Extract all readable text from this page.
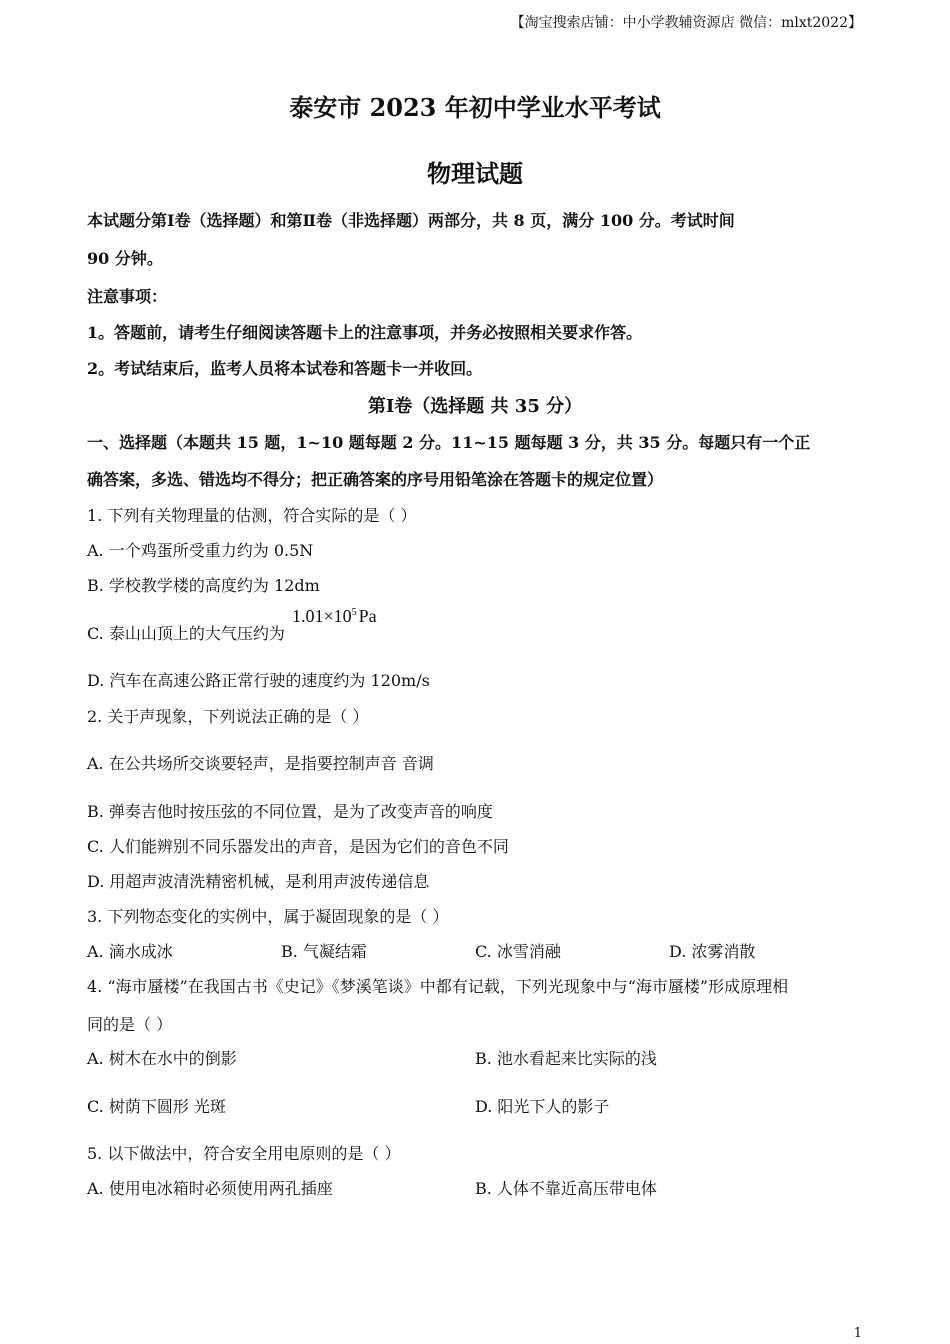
【淘宝搜索店铺：中小学教辅资源店 微信：mlxt2022】
泰安市 2023 年初中学业水平考试
物理试题
本试题分第Ⅰ卷（选择题）和第Ⅱ卷（非选择题）两部分，共 8 页，满分 100 分。考试时间
90 分钟。
注意事项：
1。答题前，请考生仔细阅读答题卡上的注意事项，并务必按照相关要求作答。
2。考试结束后，监考人员将本试卷和答题卡一并收回。
第Ⅰ卷（选择题 共 35 分）
一、选择题（本题共 15 题，1~10 题每题 2 分。11~15 题每题 3 分，共 35 分。每题只有一个正
确答案，多选、错选均不得分；把正确答案的序号用铅笔涂在答题卡的规定位置）
1. 下列有关物理量的估测，符合实际的是（ ）
A. 一个鸡蛋所受重力约为 0.5N
B. 学校教学楼的高度约为 12dm
C. 泰山山顶上的大气压约为
$1.01\times 10^5$ Pa
D. 汽车在高速公路正常行驶的速度约为 120m/s
2. 关于声现象，下列说法正确的是（ ）
A. 在公共场所交谈要轻声，是指要控制声音 音调
B. 弹奏吉他时按压弦的不同位置，是为了改变声音的响度
C. 人们能辨别不同乐器发出的声音，是因为它们的音色不同
D. 用超声波清洗精密机械，是利用声波传递信息
3. 下列物态变化的实例中，属于凝固现象的是（ ）
A. 滴水成冰	B. 气凝结霜	C. 冰雪消融	D. 浓雾消散
4. “海市蜃楼”在我国古书《史记》《梦溪笔谈》中都有记载，下列光现象中与“海市蜃楼”形成原理相
同的是（ ）
A. 树木在水中的倒影	B. 池水看起来比实际的浅
C. 树荫下圆形 光斑	D. 阳光下人的影子
5. 以下做法中，符合安全用电原则的是（ ）
A. 使用电冰箱时必须使用两孔插座	B. 人体不靠近高压带电体
1
